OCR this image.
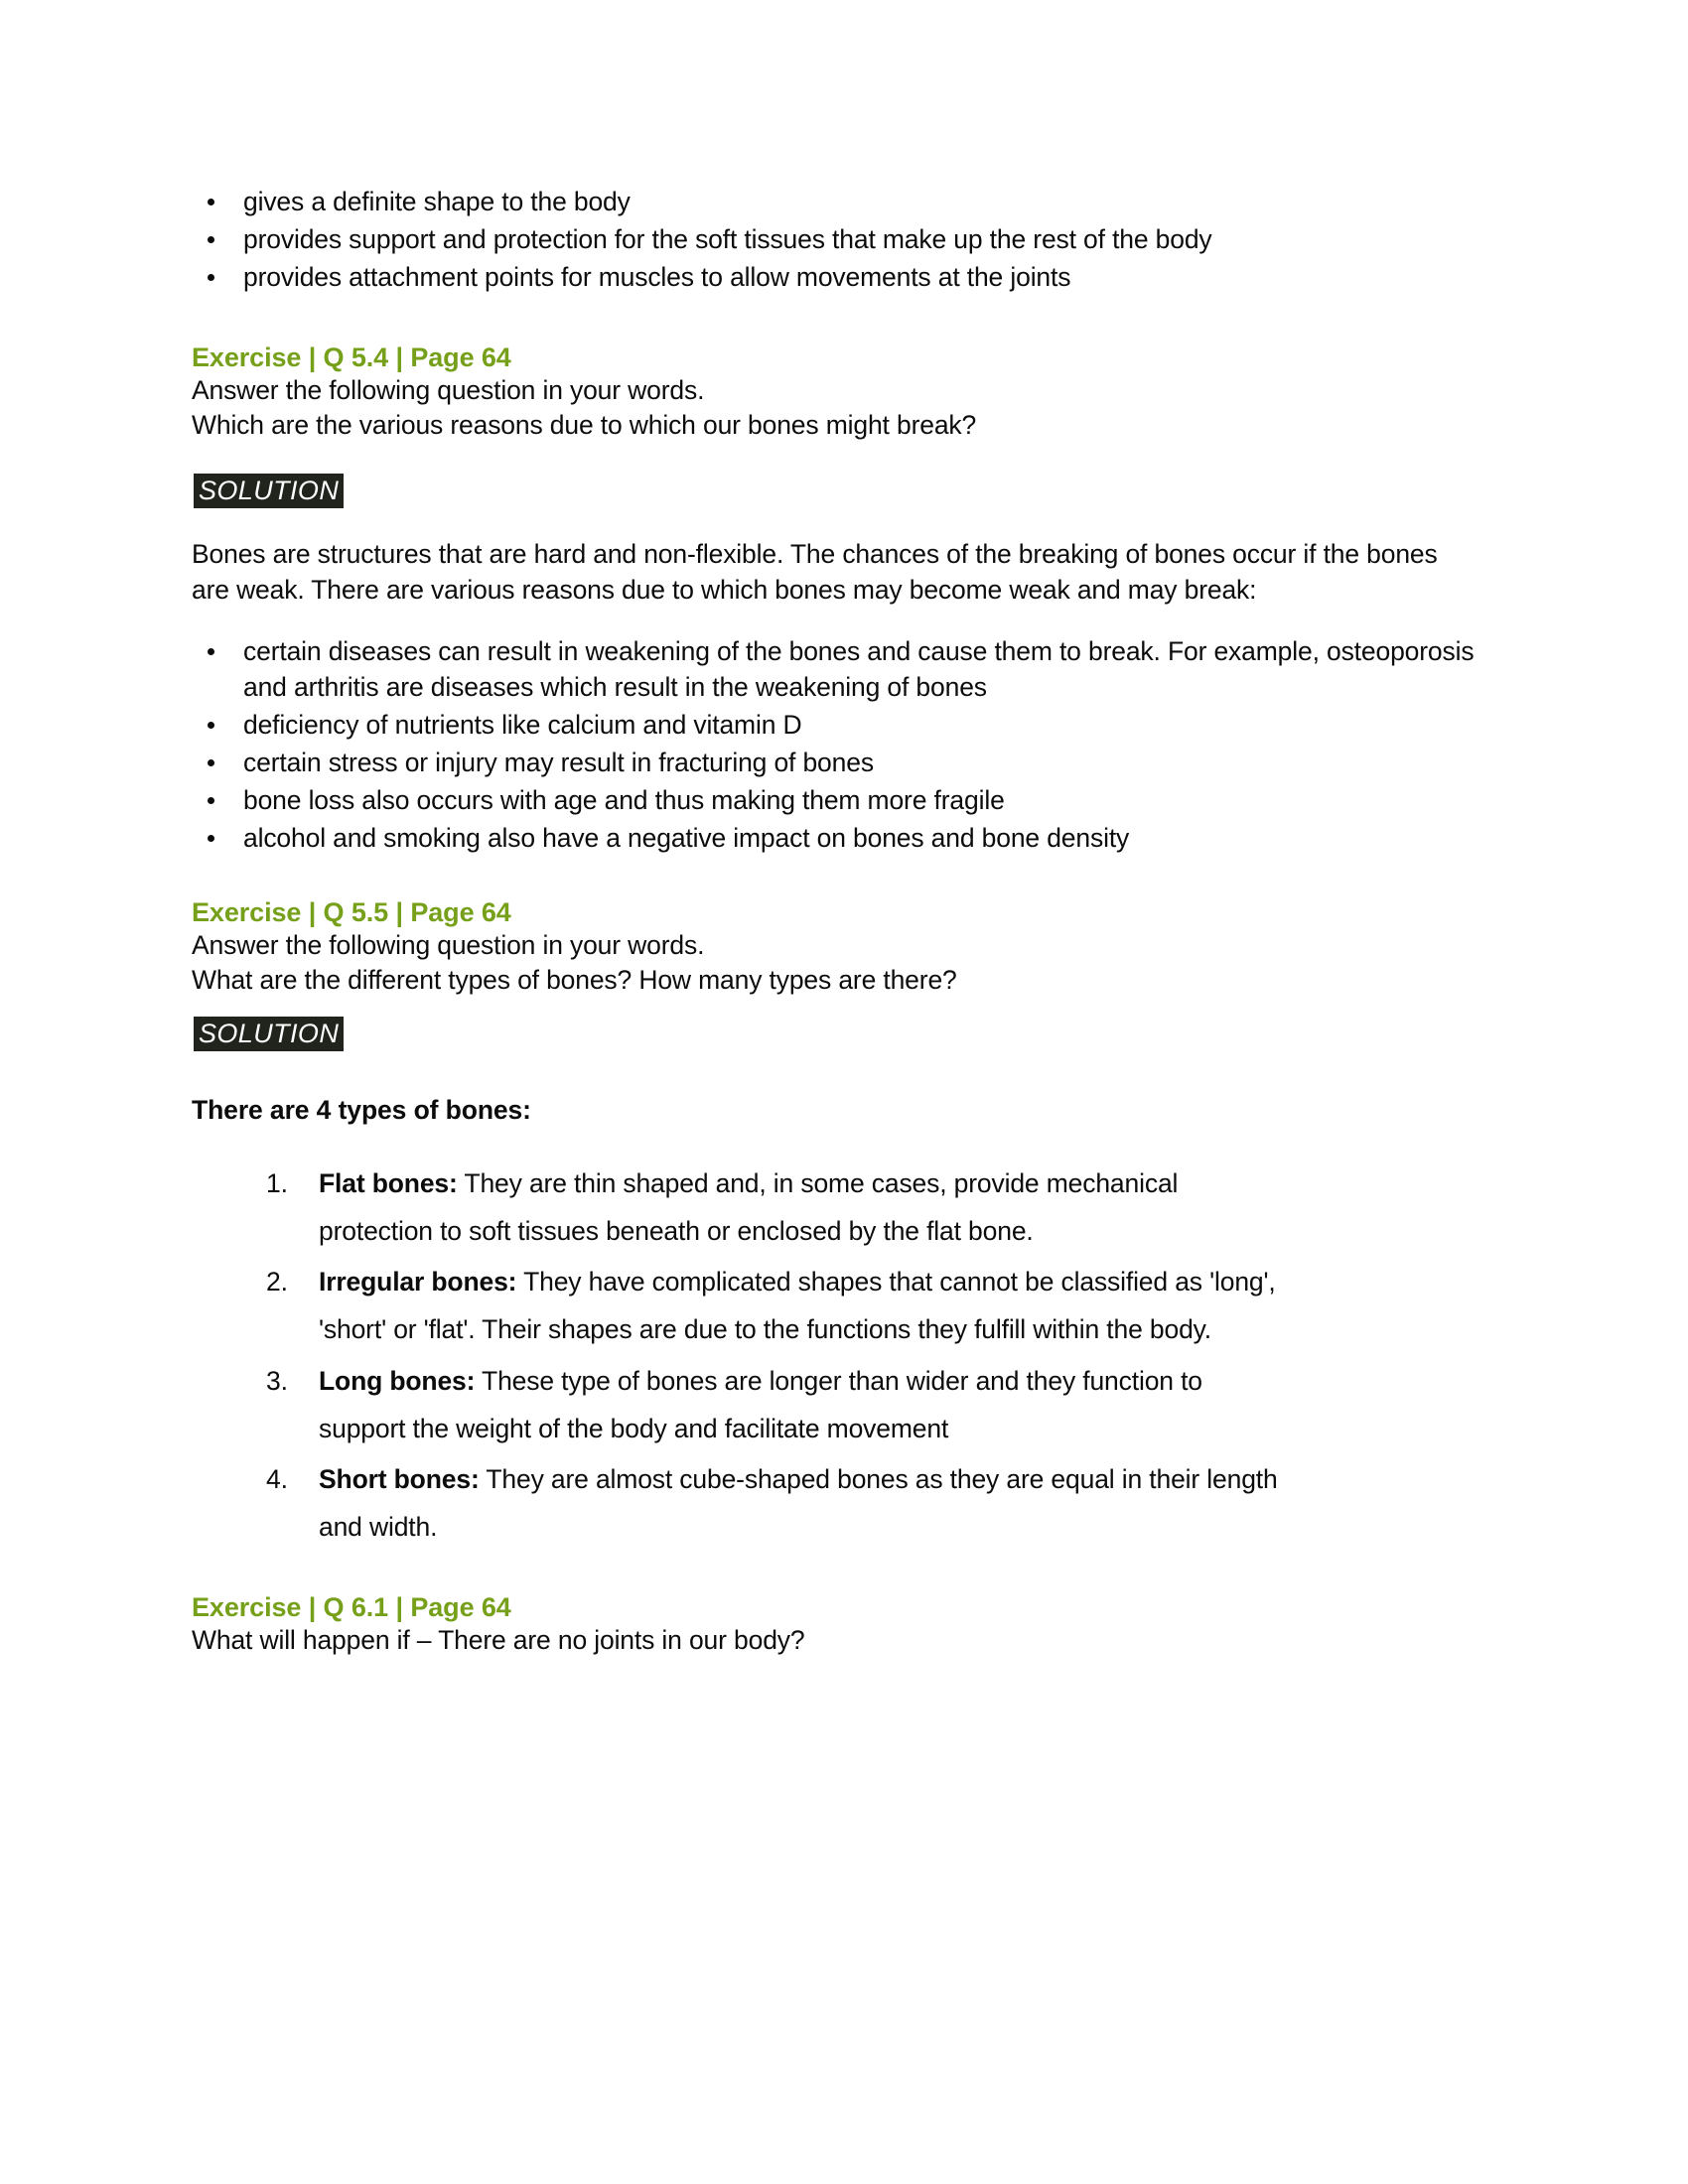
gives a definite shape to the body
provides support and protection for the soft tissues that make up the rest of the body
provides attachment points for muscles to allow movements at the joints
Exercise | Q 5.4 | Page 64
Answer the following question in your words.
Which are the various reasons due to which our bones might break?
SOLUTION

Bones are structures that are hard and non-flexible. The chances of the breaking of bones occur if the bones are weak. There are various reasons due to which bones may become weak and may break:

certain diseases can result in weakening of the bones and cause them to break. For example, osteoporosis and arthritis are diseases which result in the weakening of bones
deficiency of nutrients like calcium and vitamin D
certain stress or injury may result in fracturing of bones
bone loss also occurs with age and thus making them more fragile
alcohol and smoking also have a negative impact on bones and bone density
Exercise | Q 5.5 | Page 64
Answer the following question in your words.
What are the different types of bones? How many types are there?
SOLUTION
There are 4 types of bones:
1.	Flat bones: They are thin shaped and, in some cases, provide mechanical protection to soft tissues beneath or enclosed by the flat bone.
2.	Irregular bones: They have complicated shapes that cannot be classified as 'long', 'short' or 'flat'. Their shapes are due to the functions they fulfill within the body.
3.	Long bones: These type of bones are longer than wider and they function to support the weight of the body and facilitate movement
4.	Short bones: They are almost cube-shaped bones as they are equal in their length and width.
Exercise | Q 6.1 | Page 64
What will happen if – There are no joints in our body?
